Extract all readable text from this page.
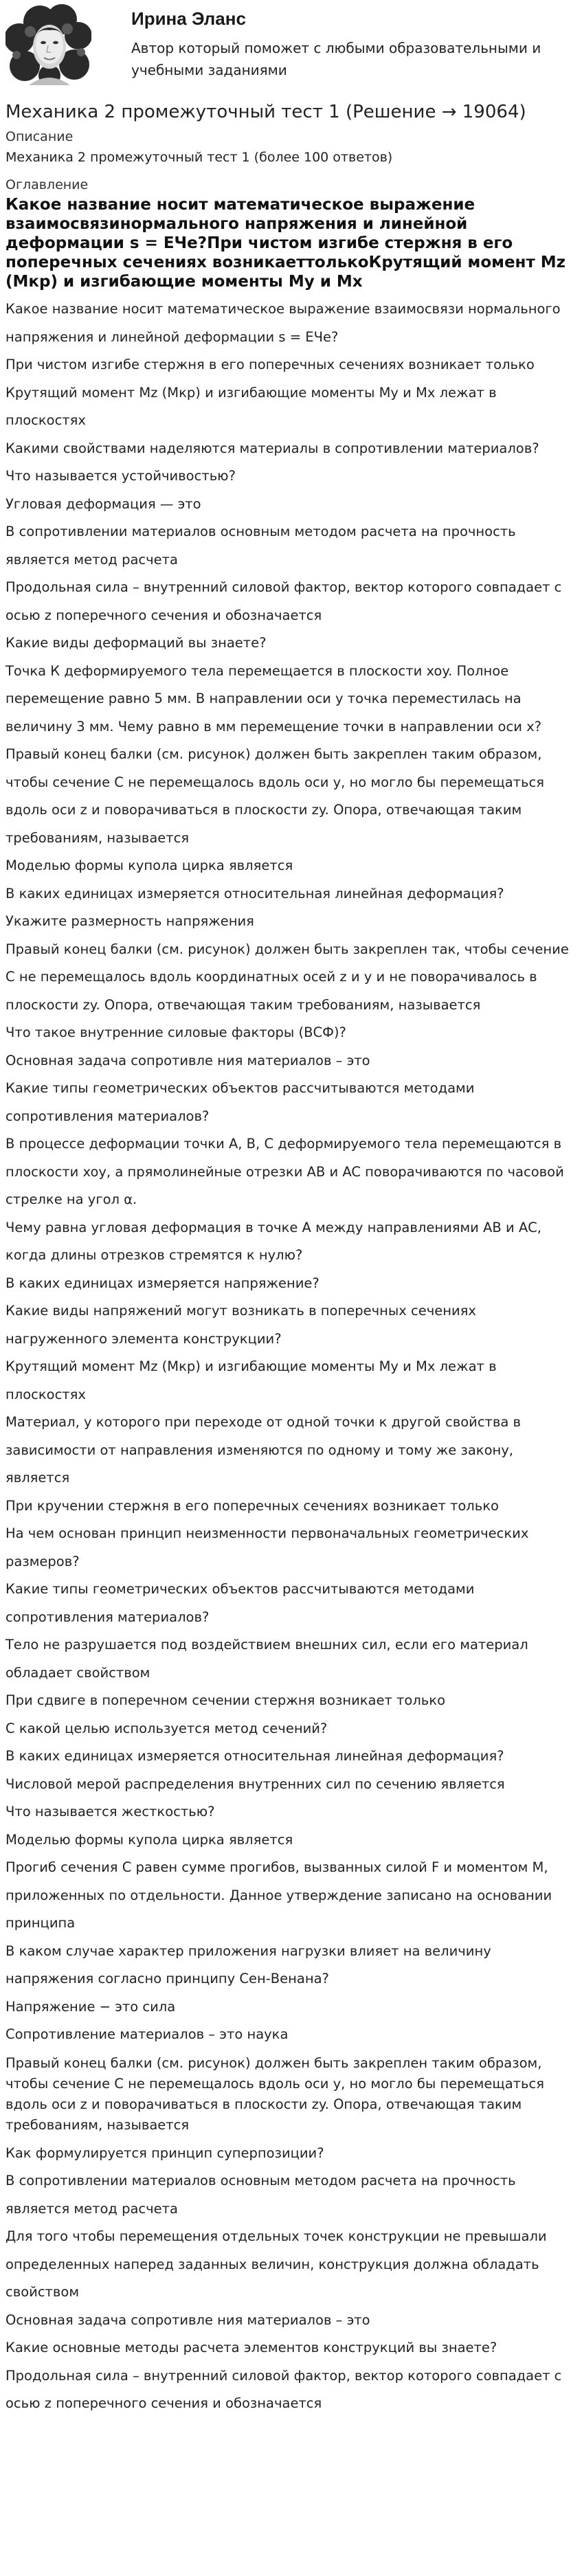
Ирина Эланс
Автор который поможет с любыми образовательными и учебными заданиями
Механика 2 промежуточный тест 1 (Решение → 19064)
Описание
Механика 2 промежуточный тест 1 (более 100 ответов)
Оглавление
Какое название носит математическое выражение взаимосвязинормального напряжения и линейной деформации s = EЧe?При чистом изгибе стержня в его поперечных сечениях возникаеттолькоКрутящий момент Мz (Мкр) и изгибающие моменты Мy и Мx
Какое название носит математическое выражение взаимосвязи нормального напряжения и линейной деформации s = EЧe?
При чистом изгибе стержня в его поперечных сечениях возникает только
Крутящий момент Мz (Мкр) и изгибающие моменты Мy и Мx лежат в плоскостях
Какими свойствами наделяются материалы в сопротивлении материалов?
Что называется устойчивостью?
Угловая деформация — это
В сопротивлении материалов основным методом расчета на прочность является метод расчета
Продольная сила – внутренний силовой фактор, вектор которого совпадает с осью z поперечного сечения и обозначается
Какие виды деформаций вы знаете?
Точка К деформируемого тела перемещается в плоскости xoy. Полное перемещение равно 5 мм. В направлении оси y точка переместилась на величину 3 мм. Чему равно в мм перемещение точки в направлении оси x?
Правый конец балки (см. рисунок) должен быть закреплен таким образом, чтобы сечение С не перемещалось вдоль оси y, но могло бы перемещаться вдоль оси z и поворачиваться в плоскости zy. Опора, отвечающая таким требованиям, называется
Моделью формы купола цирка является
В каких единицах измеряется относительная линейная деформация?
Укажите размерность напряжения
Правый конец балки (см. рисунок) должен быть закреплен так, чтобы сечение С не перемещалось вдоль координатных осей z и y и не поворачивалось в плоскости zy. Опора, отвечающая таким требованиям, называется
Что такое внутренние силовые факторы (ВСФ)?
Основная задача сопротивле ния материалов – это
Какие типы геометрических объектов рассчитываются методами сопротивления материалов?
В процессе деформации точки A, B, C деформируемого тела перемещаются в плоскости xoy, а прямолинейные отрезки AB и AC поворачиваются по часовой стрелке на угол α.
Чему равна угловая деформация в точке А между направлениями АВ и АС, когда длины отрезков стремятся к нулю?
В каких единицах измеряется напряжение?
Какие виды напряжений могут возникать в поперечных сечениях нагруженного элемента конструкции?
Крутящий момент Мz (Мкр) и изгибающие моменты Мy и Мx лежат в плоскостях
Материал, у которого при переходе от одной точки к другой свойства в зависимости от направления изменяются по одному и тому же закону, является
При кручении стержня в его поперечных сечениях возникает только
На чем основан принцип неизменности первоначальных геометрических размеров?
Какие типы геометрических объектов рассчитываются методами сопротивления материалов?
Тело не разрушается под воздействием внешних сил, если его материал обладает свойством
При сдвиге в поперечном сечении стержня возникает только
С какой целью используется метод сечений?
В каких единицах измеряется относительная линейная деформация?
Числовой мерой распределения внутренних сил по сечению является
Что называется жесткостью?
Моделью формы купола цирка является
Прогиб сечения С равен сумме прогибов, вызванных силой F и моментом М, приложенных по отдельности. Данное утверждение записано на основании принципа
В каком случае характер приложения нагрузки влияет на величину напряжения согласно принципу Сен-Венана?
Напряжение − это сила
Сопротивление материалов – это наука
Правый конец балки (см. рисунок) должен быть закреплен таким образом, чтобы сечение С не перемещалось вдоль оси y, но могло бы перемещаться вдоль оси z и поворачиваться в плоскости zy. Опора, отвечающая таким требованиям, называется
Как формулируется принцип суперпозиции?
В сопротивлении материалов основным методом расчета на прочность является метод расчета
Для того чтобы перемещения отдельных точек конструкции не превышали определенных наперед заданных величин, конструкция должна обладать свойством
Основная задача сопротивле ния материалов – это
Какие основные методы расчета элементов конструкций вы знаете?
Продольная сила – внутренний силовой фактор, вектор которого совпадает с осью z поперечного сечения и обозначается
